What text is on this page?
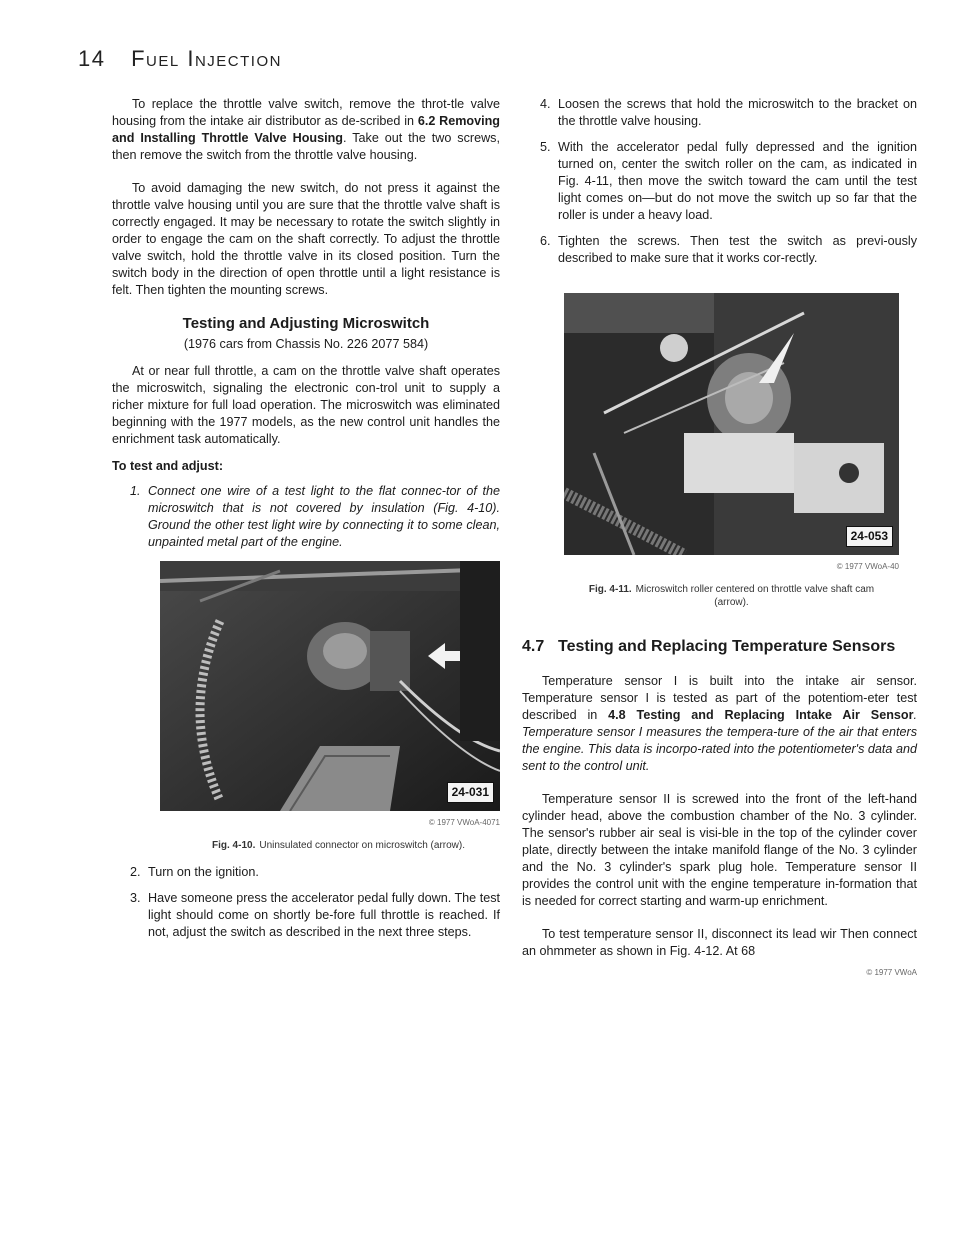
14 Fuel Injection

To replace the throttle valve switch, remove the throt-tle valve housing from the intake air distributor as de-scribed in 6.2 Removing and Installing Throttle Valve Housing. Take out the two screws, then remove the switch from the throttle valve housing.

To avoid damaging the new switch, do not press it against the throttle valve housing until you are sure that the throttle valve shaft is correctly engaged. It may be necessary to rotate the switch slightly in order to engage the cam on the shaft correctly. To adjust the throttle valve switch, hold the throttle valve in its closed position. Turn the switch body in the direction of open throttle until a light resistance is felt. Then tighten the mounting screws.

Testing and Adjusting Microswitch
(1976 cars from Chassis No. 226 2077 584)

At or near full throttle, a cam on the throttle valve shaft operates the microswitch, signaling the electronic con-trol unit to supply a richer mixture for full load operation. The microswitch was eliminated beginning with the 1977 models, as the new control unit handles the enrichment task automatically.

To test and adjust:

1. Connect one wire of a test light to the flat connec-tor of the microswitch that is not covered by insulation (Fig. 4-10). Ground the other test light wire by connecting it to some clean, unpainted metal part of the engine.
24-031
© 1977 VWoA-4071
Fig. 4-10. Uninsulated connector on microswitch (arrow).
2. Turn on the ignition.
3. Have someone press the accelerator pedal fully down. The test light should come on shortly be-fore full throttle is reached. If not, adjust the switch as described in the next three steps.
4. Loosen the screws that hold the microswitch to the bracket on the throttle valve housing.
5. With the accelerator pedal fully depressed and the ignition turned on, center the switch roller on the cam, as indicated in Fig. 4-11, then move the switch toward the cam until the test light comes on—but do not move the switch up so far that the roller is under a heavy load.
6. Tighten the screws. Then test the switch as previ-ously described to make sure that it works cor-rectly.
24-053
© 1977 VWoA-40
Fig. 4-11. Microswitch roller centered on throttle valve shaft cam (arrow).
4.7 Testing and Replacing Temperature Sensors

Temperature sensor I is built into the intake air sensor. Temperature sensor I is tested as part of the potentiom-eter test described in 4.8 Testing and Replacing Intake Air Sensor. Temperature sensor I measures the tempera-ture of the air that enters the engine. This data is incorpo-rated into the potentiometer's data and sent to the control unit.

Temperature sensor II is screwed into the front of the left-hand cylinder head, above the combustion chamber of the No. 3 cylinder. The sensor's rubber air seal is visi-ble in the top of the cylinder cover plate, directly between the intake manifold flange of the No. 3 cylinder and the No. 3 cylinder's spark plug hole. Temperature sensor II provides the control unit with the engine temperature in-formation that is needed for correct starting and warm-up enrichment.

To test temperature sensor II, disconnect its lead wir Then connect an ohmmeter as shown in Fig. 4-12. At 68

© 1977 VWoA
